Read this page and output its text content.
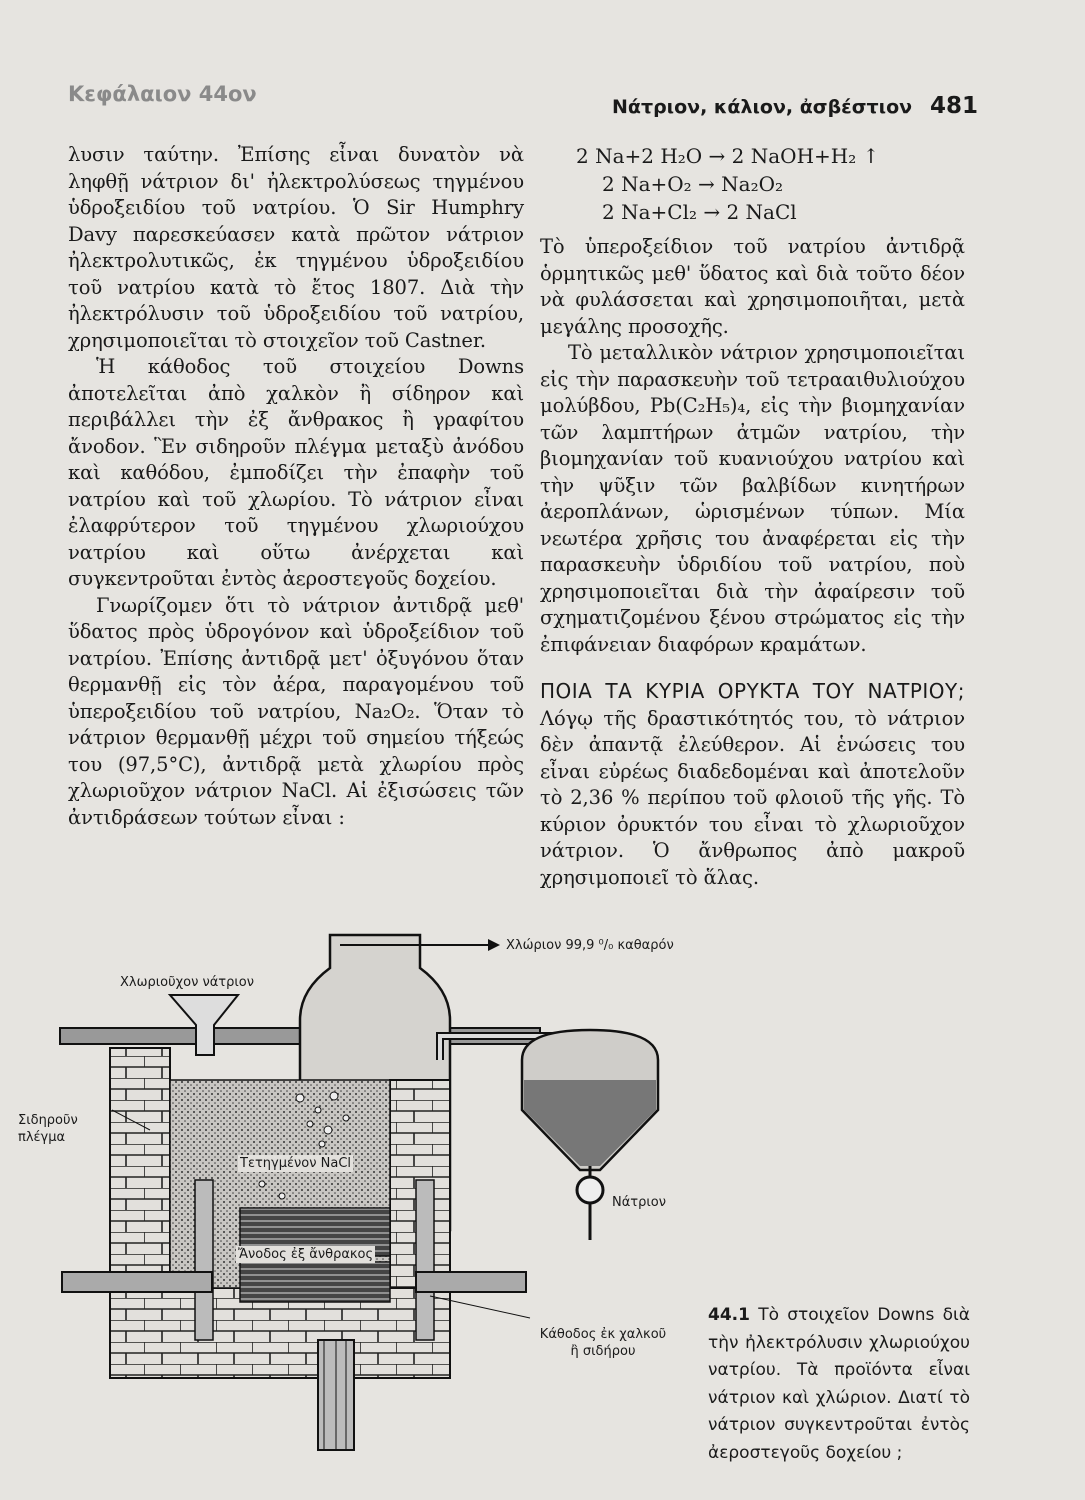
Κεφάλαιον 44ον
Νάτριον, κάλιον, ἀσβέστιον 481

λυσιν ταύτην. Ἐπίσης εἶναι δυνατὸν νὰ ληφθῇ νάτριον δι' ἠλεκτρολύσεως τηγμένου ὑδροξειδίου τοῦ νατρίου. Ὁ Sir Humphry Davy παρεσκεύασεν κατὰ πρῶτον νάτριον ἠλεκτρολυτικῶς, ἐκ τηγμένου ὑδροξειδίου τοῦ νατρίου κατὰ τὸ ἔτος 1807. Διὰ τὴν ἠλεκτρόλυσιν τοῦ ὑδροξειδίου τοῦ νατρίου, χρησιμοποιεῖται τὸ στοιχεῖον τοῦ Castner.

Ἡ κάθοδος τοῦ στοιχείου Downs ἀποτελεῖται ἀπὸ χαλκὸν ἢ σίδηρον καὶ περιβάλλει τὴν ἐξ ἄνθρακος ἢ γραφίτου ἄνοδον. Ἓν σιδηροῦν πλέγμα μεταξὺ ἀνόδου καὶ καθόδου, ἐμποδίζει τὴν ἐπαφὴν τοῦ νατρίου καὶ τοῦ χλωρίου. Τὸ νάτριον εἶναι ἐλαφρύτερον τοῦ τηγμένου χλωριούχου νατρίου καὶ οὕτω ἀνέρχεται καὶ συγκεντροῦται ἐντὸς ἀεροστεγοῦς δοχείου.

Γνωρίζομεν ὅτι τὸ νάτριον ἀντιδρᾷ μεθ' ὕδατος πρὸς ὑδρογόνον καὶ ὑδροξείδιον τοῦ νατρίου. Ἐπίσης ἀντιδρᾷ μετ' ὀξυγόνου ὅταν θερμανθῇ εἰς τὸν ἀέρα, παραγομένου τοῦ ὑπεροξειδίου τοῦ νατρίου, Na₂O₂. Ὅταν τὸ νάτριον θερμανθῇ μέχρι τοῦ σημείου τήξεώς του (97,5°C), ἀντιδρᾷ μετὰ χλωρίου πρὸς χλωριοῦχον νάτριον NaCl. Αἱ ἐξισώσεις τῶν ἀντιδράσεων τούτων εἶναι :

2 Na+2 H₂O → 2 NaOH+H₂ ↑
2 Na+O₂ → Na₂O₂
2 Na+Cl₂ → 2 NaCl

Τὸ ὑπεροξείδιον τοῦ νατρίου ἀντιδρᾷ ὁρμητικῶς μεθ' ὕδατος καὶ διὰ τοῦτο δέον νὰ φυλάσσεται καὶ χρησιμοποιῆται, μετὰ μεγάλης προσοχῆς.

Τὸ μεταλλικὸν νάτριον χρησιμοποιεῖται εἰς τὴν παρασκευὴν τοῦ τετρααιθυλιούχου μολύβδου, Pb(C₂H₅)₄, εἰς τὴν βιομηχανίαν τῶν λαμπτήρων ἀτμῶν νατρίου, τὴν βιομηχανίαν τοῦ κυανιούχου νατρίου καὶ τὴν ψῦξιν τῶν βαλβίδων κινητήρων ἀεροπλάνων, ὡρισμένων τύπων. Μία νεωτέρα χρῆσις του ἀναφέρεται εἰς τὴν παρασκευὴν ὑδριδίου τοῦ νατρίου, ποὺ χρησιμοποιεῖται διὰ τὴν ἀφαίρεσιν τοῦ σχηματιζομένου ξένου στρώματος εἰς τὴν ἐπιφάνειαν διαφόρων κραμάτων.

ΠΟΙΑ ΤΑ ΚΥΡΙΑ ΟΡΥΚΤΑ ΤΟΥ ΝΑΤΡΙΟΥ; Λόγῳ τῆς δραστικότητός του, τὸ νάτριον δὲν ἀπαντᾷ ἐλεύθερον. Αἱ ἑνώσεις του εἶναι εὐρέως διαδεδομέναι καὶ ἀποτελοῦν τὸ 2,36 % περίπου τοῦ φλοιοῦ τῆς γῆς. Τὸ κύριον ὀρυκτόν του εἶναι τὸ χλωριοῦχον νάτριον. Ὁ ἄνθρωπος ἀπὸ μακροῦ χρησιμοποιεῖ τὸ ἅλας.

Χλώριον 99,9 ⁰/₀ καθαρόν
Χλωριοῦχον νάτριον
Σιδηροῦν πλέγμα
Τετηγμένον NaCl
Ἄνοδος ἐξ ἄνθρακος
Νάτριον
Κάθοδος ἐκ χαλκοῦ ἢ σιδήρου
44.1 Τὸ στοιχεῖον Downs διὰ τὴν ἠλεκτρόλυσιν χλωριούχου νατρίου. Τὰ προϊόντα εἶναι νάτριον καὶ χλώριον. Διατί τὸ νάτριον συγκεντροῦται ἐντὸς ἀεροστεγοῦς δοχείου ;
